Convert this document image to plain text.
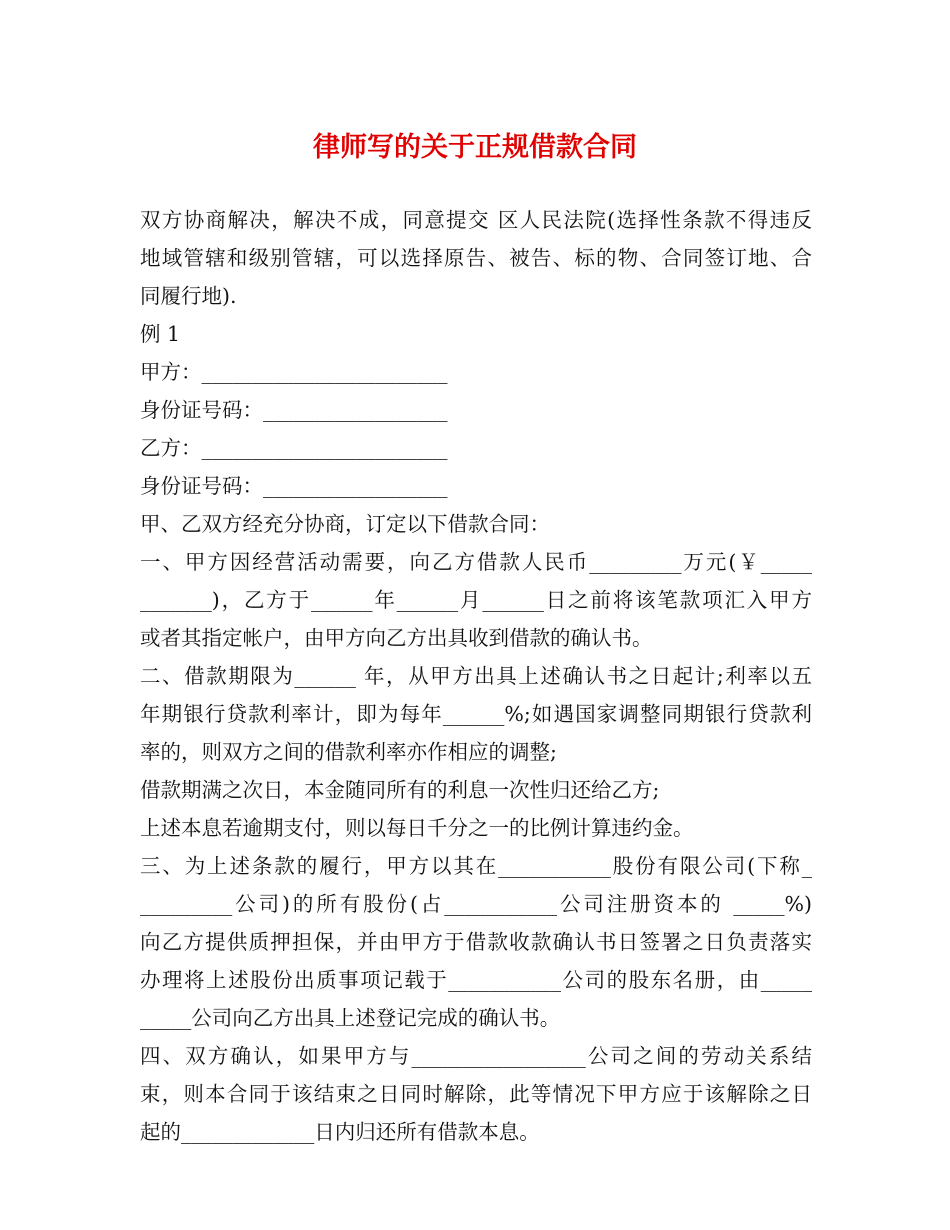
律师写的关于正规借款合同

双方协商解决，解决不成，同意提交 区人民法院(选择性条款不得违反

地域管辖和级别管辖，可以选择原告、被告、标的物、合同签订地、合

同履行地).

例 1

甲方：________________________

身份证号码：__________________

乙方：________________________

身份证号码：__________________

甲、乙双方经充分协商，订定以下借款合同：

一、甲方因经营活动需要，向乙方借款人民币_________万元(￥_____

_______)，乙方于______年______月______日之前将该笔款项汇入甲方

或者其指定帐户，由甲方向乙方出具收到借款的确认书。

二、借款期限为______ 年，从甲方出具上述确认书之日起计;利率以五

年期银行贷款利率计，即为每年______%;如遇国家调整同期银行贷款利

率的，则双方之间的借款利率亦作相应的调整;

借款期满之次日，本金随同所有的利息一次性归还给乙方;

上述本息若逾期支付，则以每日千分之一的比例计算违约金。

三、为上述条款的履行，甲方以其在___________股份有限公司(下称_

_________公司)的所有股份(占___________公司注册资本的 _____%)

向乙方提供质押担保，并由甲方于借款收款确认书日签署之日负责落实

办理将上述股份出质事项记载于___________公司的股东名册，由_____

_____公司向乙方出具上述登记完成的确认书。

四、双方确认，如果甲方与_________________公司之间的劳动关系结

束，则本合同于该结束之日同时解除，此等情况下甲方应于该解除之日

起的_____________日内归还所有借款本息。
